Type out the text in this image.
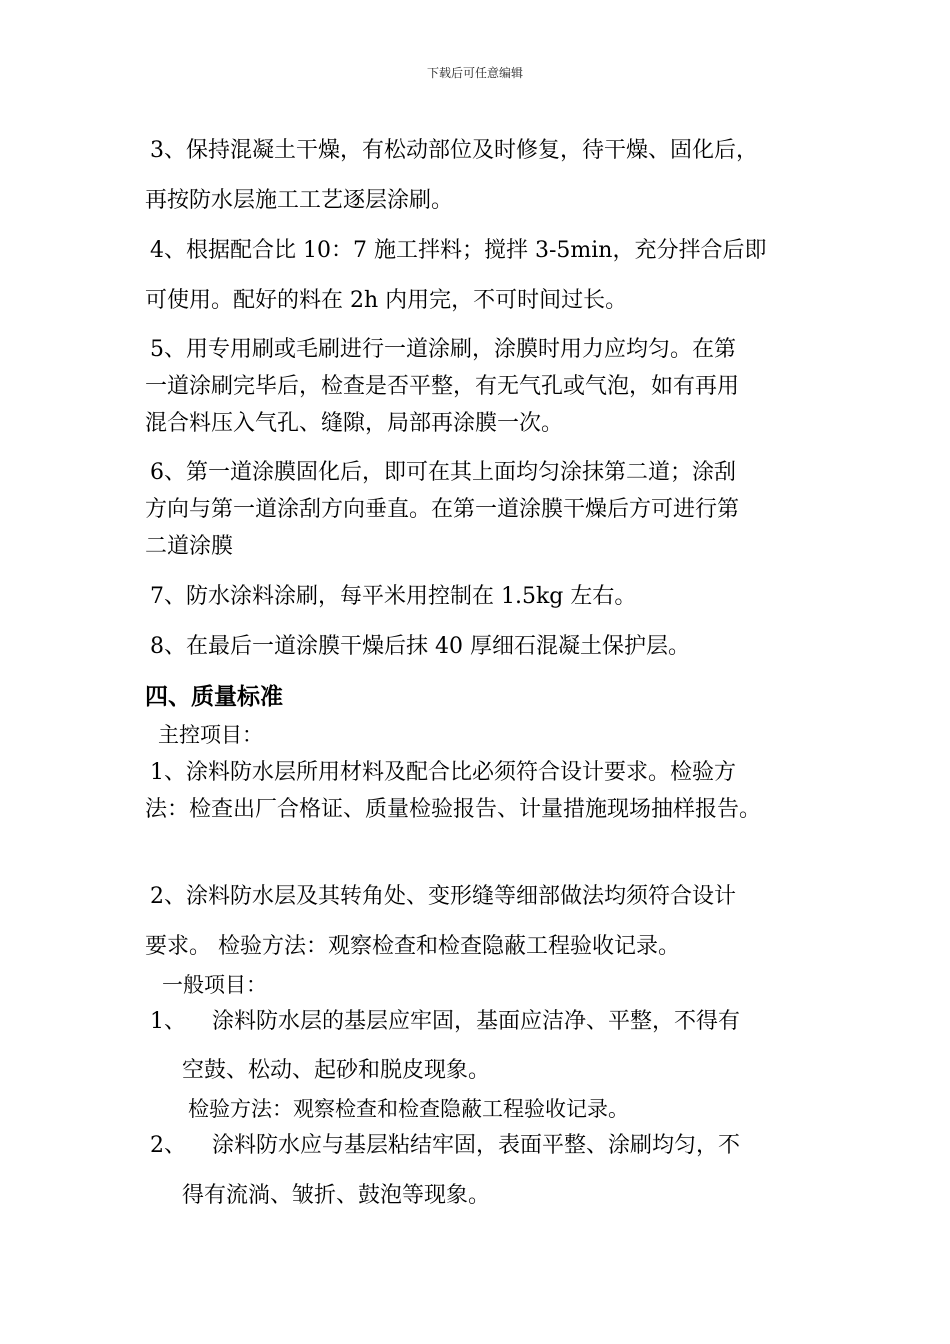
下载后可任意编辑
3、保持混凝土干燥，有松动部位及时修复，待干燥、固化后，
再按防水层施工工艺逐层涂刷。
4、根据配合比 10：7 施工拌料；搅拌 3-5min，充分拌合后即
可使用。配好的料在 2h 内用完，不可时间过长。
5、用专用刷或毛刷进行一道涂刷，涂膜时用力应均匀。在第
一道涂刷完毕后，检查是否平整，有无气孔或气泡，如有再用
混合料压入气孔、缝隙，局部再涂膜一次。
6、第一道涂膜固化后，即可在其上面均匀涂抹第二道；涂刮
方向与第一道涂刮方向垂直。在第一道涂膜干燥后方可进行第
二道涂膜
7、防水涂料涂刷，每平米用控制在 1.5kg 左右。
8、在最后一道涂膜干燥后抹 40 厚细石混凝土保护层。
四、质量标准
主控项目：
1、涂料防水层所用材料及配合比必须符合设计要求。检验方
法：检查出厂合格证、质量检验报告、计量措施现场抽样报告。
2、涂料防水层及其转角处、变形缝等细部做法均须符合设计
要求。 检验方法：观察检查和检查隐蔽工程验收记录。
一般项目：
1、 涂料防水层的基层应牢固，基面应洁净、平整，不得有
空鼓、松动、起砂和脱皮现象。
检验方法：观察检查和检查隐蔽工程验收记录。
2、 涂料防水应与基层粘结牢固，表面平整、涂刷均匀，不
得有流淌、皱折、鼓泡等现象。
